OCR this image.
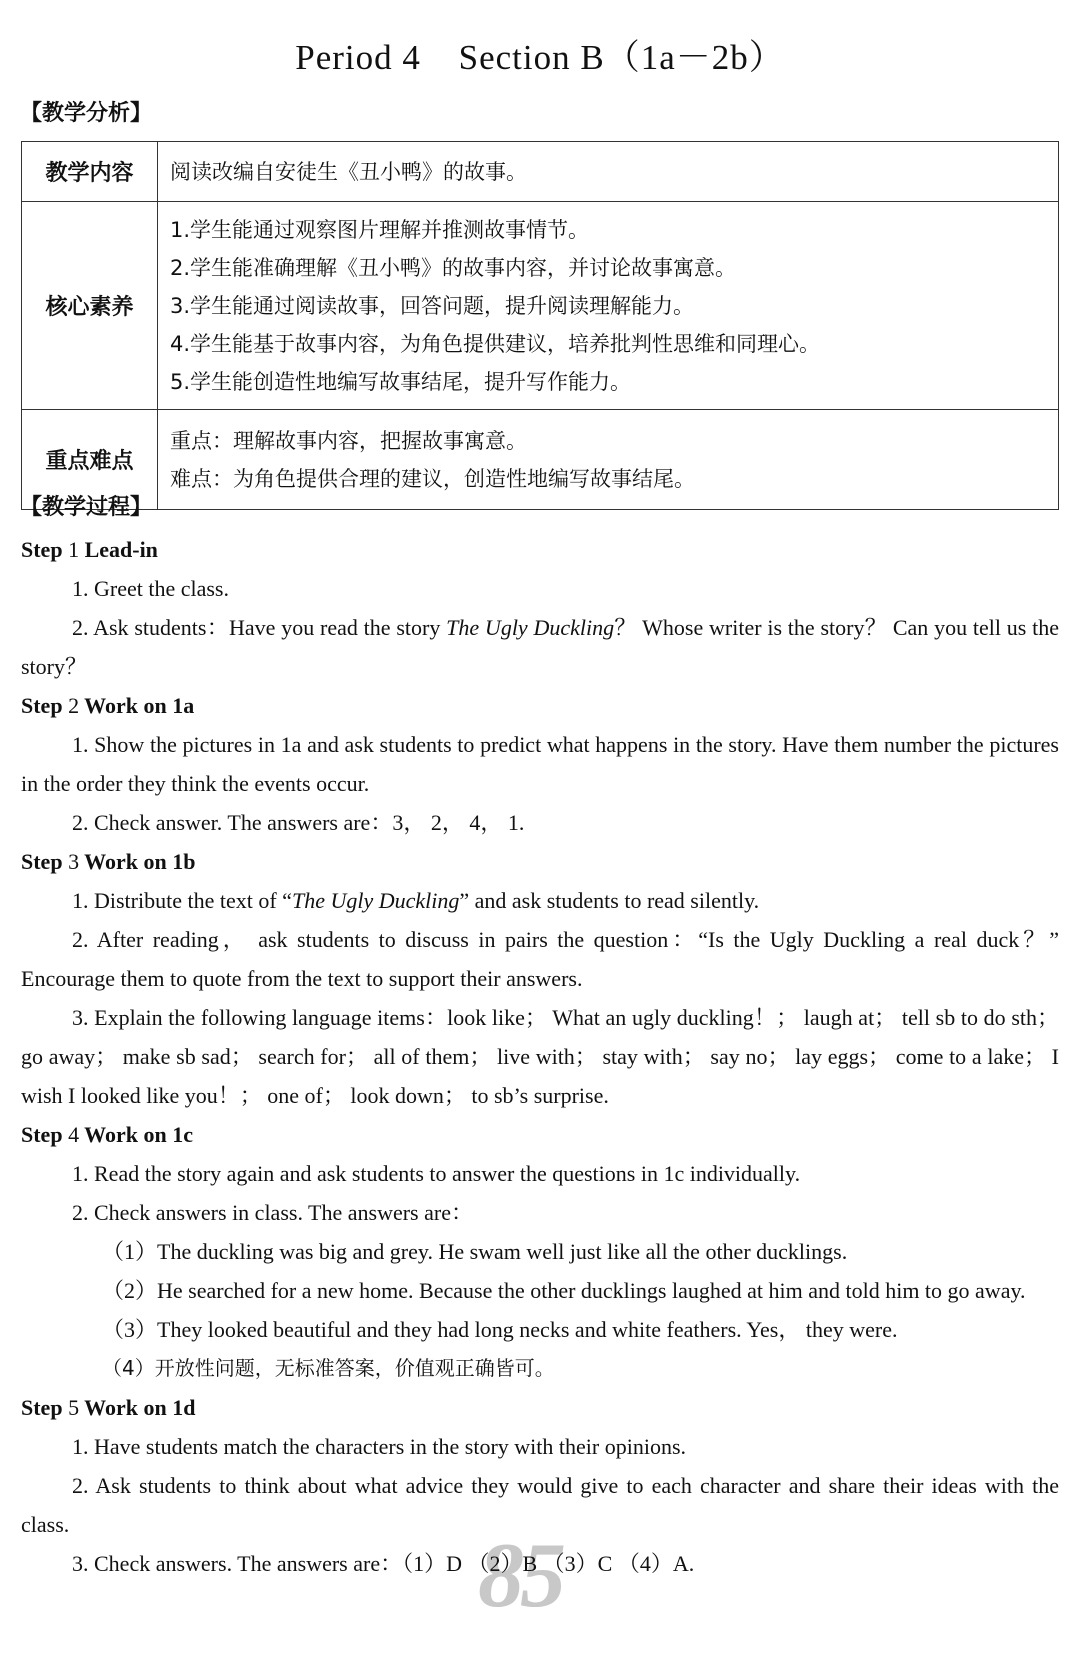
Period 4 Section B（1a－2b）
【教学分析】
教学内容	阅读改编自安徒生《丑小鸭》的故事。
核心素养	1.学生能通过观察图片理解并推测故事情节。
2.学生能准确理解《丑小鸭》的故事内容，并讨论故事寓意。
3.学生能通过阅读故事，回答问题，提升阅读理解能力。
4.学生能基于故事内容，为角色提供建议，培养批判性思维和同理心。
5.学生能创造性地编写故事结尾，提升写作能力。

重点难点	重点：理解故事内容，把握故事寓意。
难点：为角色提供合理的建议，创造性地编写故事结尾。
【教学过程】
85
Step 1 Lead-in
1. Greet the class.
2. Ask students：Have you read the story The Ugly Duckling？ Whose writer is the story？ Can you tell us the story？
Step 2 Work on 1a
1. Show the pictures in 1a and ask students to predict what happens in the story. Have them number the pictures in the order they think the events occur.
2. Check answer. The answers are：3， 2， 4， 1.
Step 3 Work on 1b
1. Distribute the text of “The Ugly Duckling” and ask students to read silently.
2. After reading， ask students to discuss in pairs the question：“Is the Ugly Duckling a real duck？” Encourage them to quote from the text to support their answers.
3. Explain the following language items：look like； What an ugly duckling！； laugh at； tell sb to do sth； go away； make sb sad； search for； all of them； live with； stay with； say no； lay eggs； come to a lake； I wish I looked like you！； one of； look down； to sb’s surprise.
Step 4 Work on 1c
1. Read the story again and ask students to answer the questions in 1c individually.
2. Check answers in class. The answers are：
（1）The duckling was big and grey. He swam well just like all the other ducklings.
（2）He searched for a new home. Because the other ducklings laughed at him and told him to go away.
（3）They looked beautiful and they had long necks and white feathers. Yes， they were.
（4）开放性问题，无标准答案，价值观正确皆可。
Step 5 Work on 1d
1. Have students match the characters in the story with their opinions.
2. Ask students to think about what advice they would give to each character and share their ideas with the class.
3. Check answers. The answers are：（1）D （2）B （3）C （4）A.
